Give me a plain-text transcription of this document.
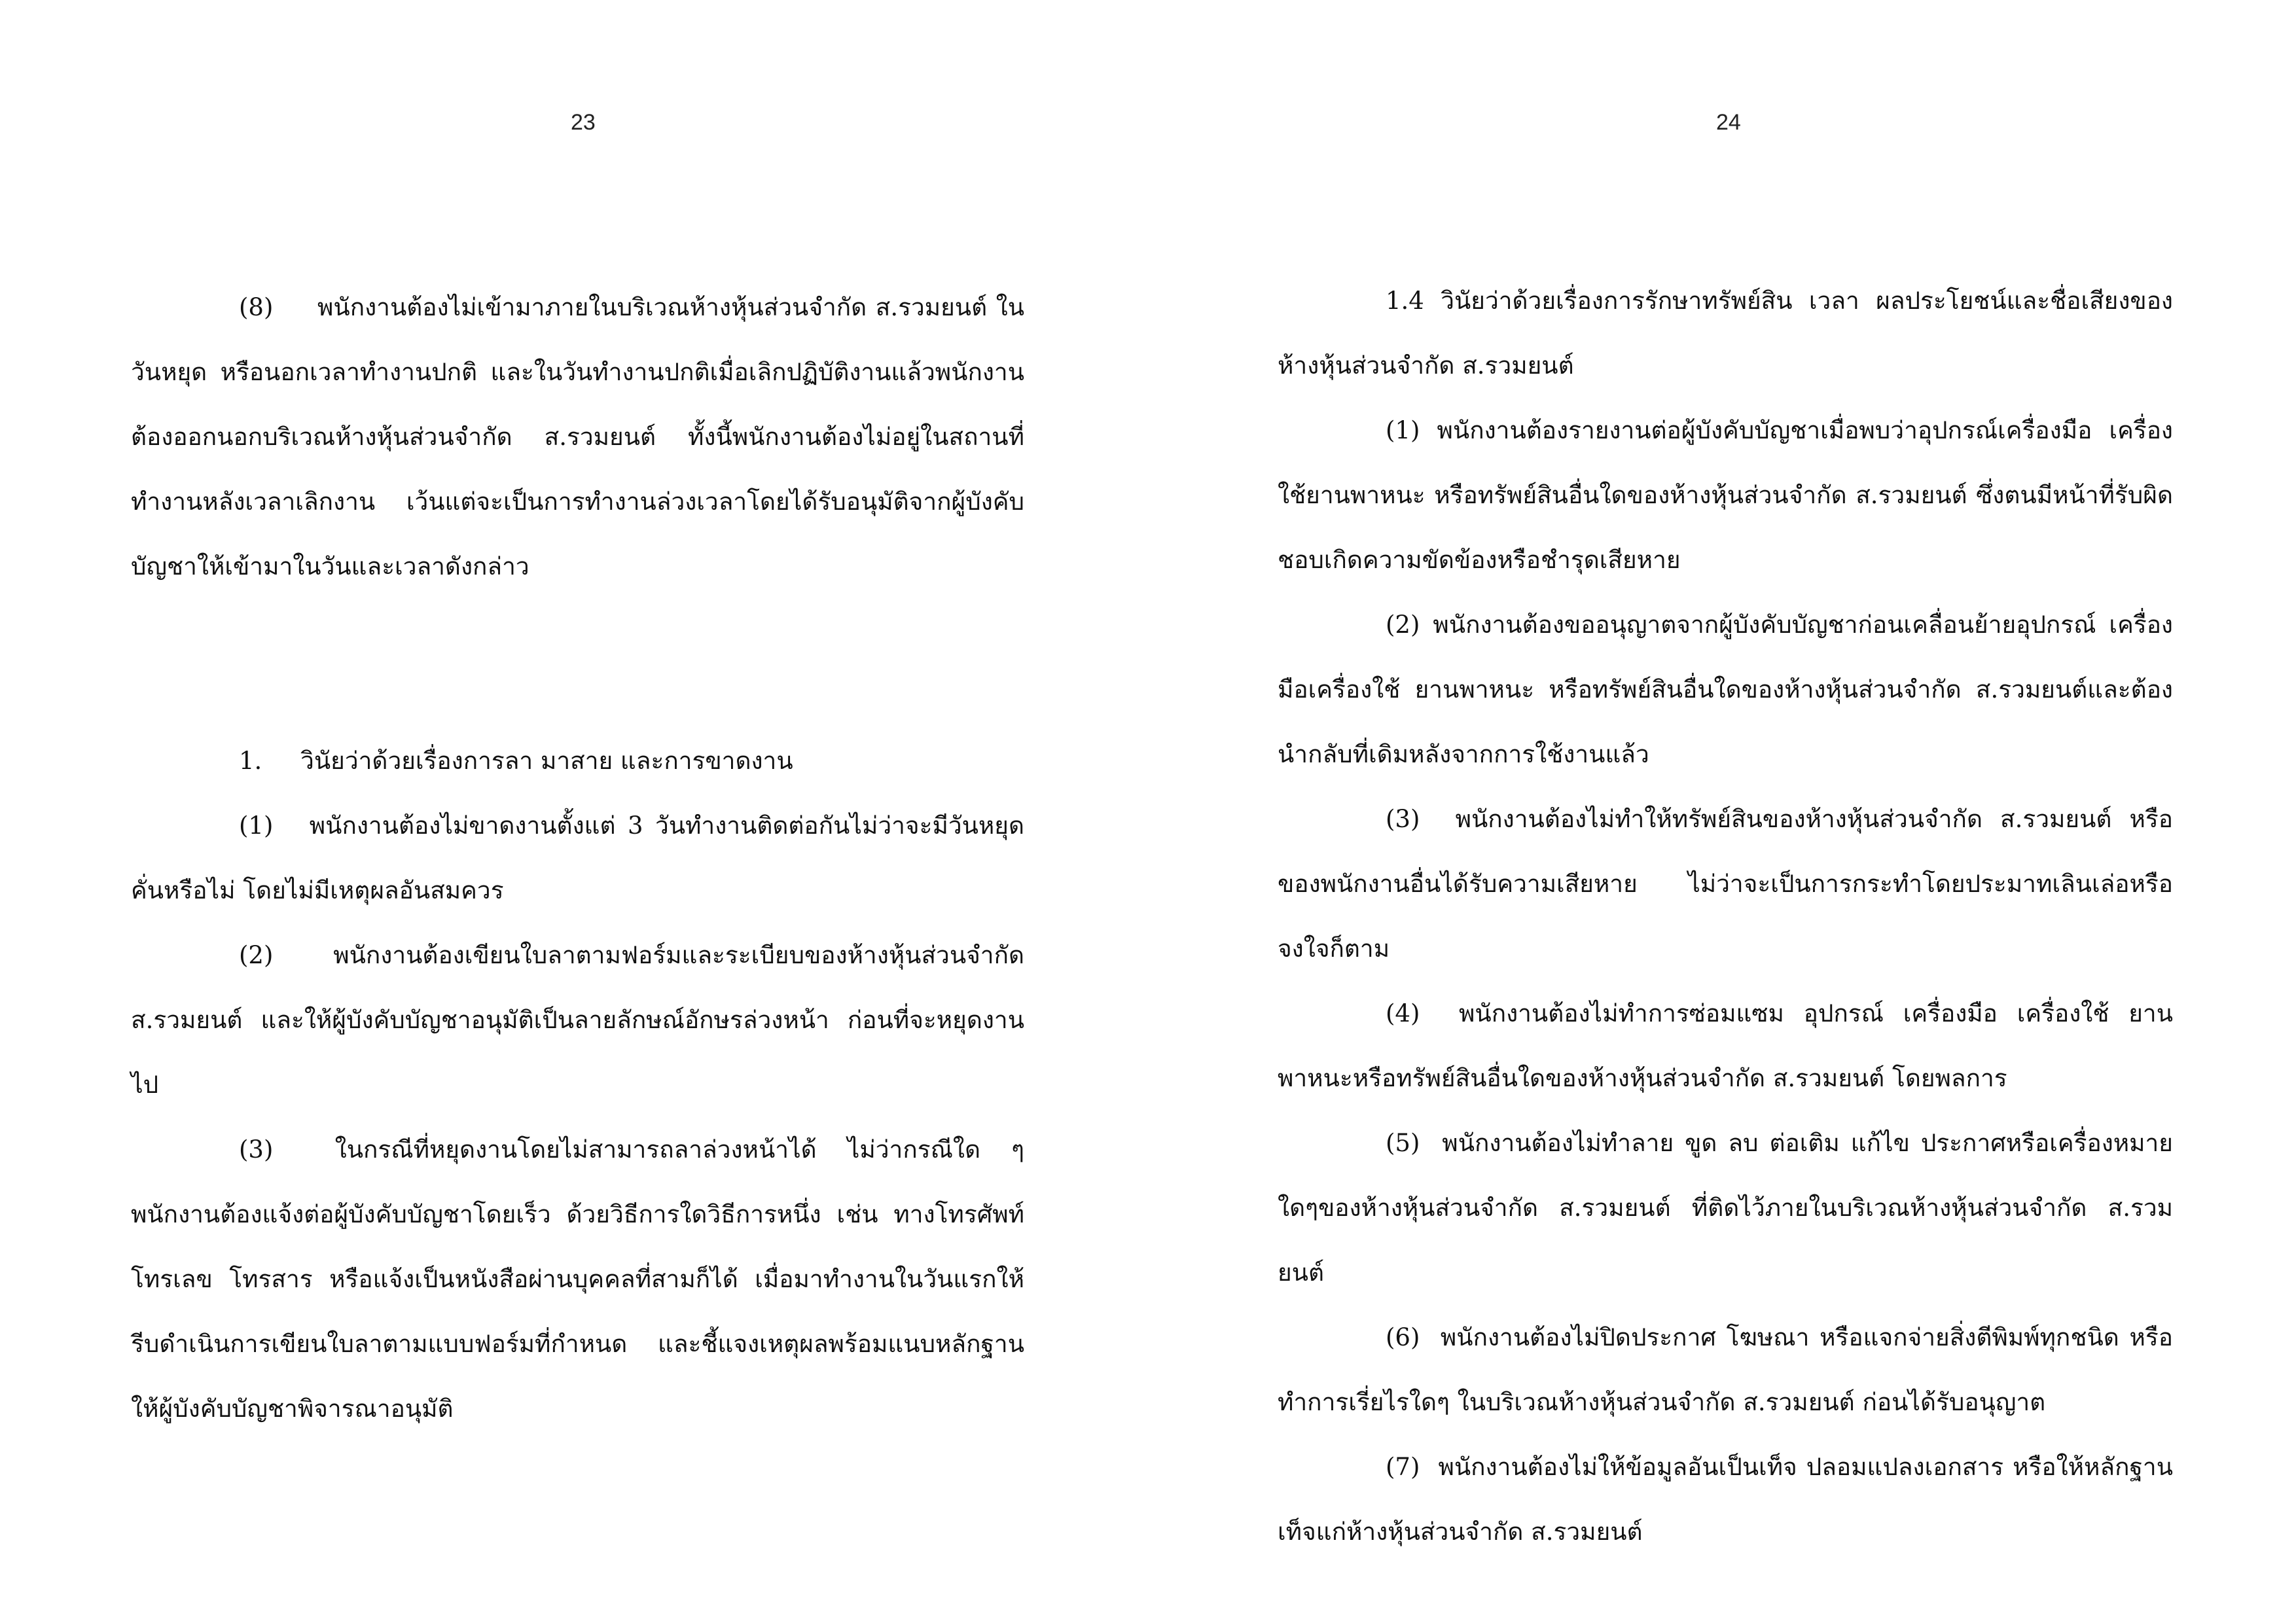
23

(8)     พนักงานต้องไม่เข้ามาภายในบริเวณห้างหุ้นส่วนจำกัด ส.รวมยนต์ ในวันหยุด หรือนอกเวลาทำงานปกติ และในวันทำงานปกติเมื่อเลิกปฏิบัติงานแล้วพนักงานต้องออกนอกบริเวณห้างหุ้นส่วนจำกัด ส.รวมยนต์ ทั้งนี้พนักงานต้องไม่อยู่ในสถานที่ทำงานหลังเวลาเลิกงาน เว้นแต่จะเป็นการทำงานล่วงเวลาโดยได้รับอนุมัติจากผู้บังคับบัญชาให้เข้ามาในวันและเวลาดังกล่าว

1.     วินัยว่าด้วยเรื่องการลา มาสาย และการขาดงาน

(1)   พนักงานต้องไม่ขาดงานตั้งแต่ 3 วันทำงานติดต่อกันไม่ว่าจะมีวันหยุดคั่นหรือไม่ โดยไม่มีเหตุผลอันสมควร

(2)   พนักงานต้องเขียนใบลาตามฟอร์มและระเบียบของห้างหุ้นส่วนจำกัด ส.รวมยนต์ และให้ผู้บังคับบัญชาอนุมัติเป็นลายลักษณ์อักษรล่วงหน้า ก่อนที่จะหยุดงานไป

(3)  ในกรณีที่หยุดงานโดยไม่สามารถลาล่วงหน้าได้ ไม่ว่ากรณีใด ๆ พนักงานต้องแจ้งต่อผู้บังคับบัญชาโดยเร็ว ด้วยวิธีการใดวิธีการหนึ่ง เช่น ทางโทรศัพท์ โทรเลข โทรสาร หรือแจ้งเป็นหนังสือผ่านบุคคลที่สามก็ได้ เมื่อมาทำงานในวันแรกให้รีบดำเนินการเขียนใบลาตามแบบฟอร์มที่กำหนด และชี้แจงเหตุผลพร้อมแนบหลักฐานให้ผู้บังคับบัญชาพิจารณาอนุมัติ

24

1.4 วินัยว่าด้วยเรื่องการรักษาทรัพย์สิน เวลา ผลประโยชน์และชื่อเสียงของห้างหุ้นส่วนจำกัด ส.รวมยนต์

(1) พนักงานต้องรายงานต่อผู้บังคับบัญชาเมื่อพบว่าอุปกรณ์เครื่องมือ เครื่องใช้ยานพาหนะ หรือทรัพย์สินอื่นใดของห้างหุ้นส่วนจำกัด ส.รวมยนต์ ซึ่งตนมีหน้าที่รับผิดชอบเกิดความขัดข้องหรือชำรุดเสียหาย

(2) พนักงานต้องขออนุญาตจากผู้บังคับบัญชาก่อนเคลื่อนย้ายอุปกรณ์ เครื่องมือเครื่องใช้ ยานพาหนะ หรือทรัพย์สินอื่นใดของห้างหุ้นส่วนจำกัด ส.รวมยนต์และต้องนำกลับที่เดิมหลังจากการใช้งานแล้ว

(3)  พนักงานต้องไม่ทำให้ทรัพย์สินของห้างหุ้นส่วนจำกัด ส.รวมยนต์ หรือของพนักงานอื่นได้รับความเสียหาย ไม่ว่าจะเป็นการกระทำโดยประมาทเลินเล่อหรือจงใจก็ตาม

(4)  พนักงานต้องไม่ทำการซ่อมแซม อุปกรณ์ เครื่องมือ เครื่องใช้ ยานพาหนะหรือทรัพย์สินอื่นใดของห้างหุ้นส่วนจำกัด ส.รวมยนต์ โดยพลการ

(5)  พนักงานต้องไม่ทำลาย ขูด ลบ ต่อเติม แก้ไข ประกาศหรือเครื่องหมายใดๆของห้างหุ้นส่วนจำกัด ส.รวมยนต์ ที่ติดไว้ภายในบริเวณห้างหุ้นส่วนจำกัด ส.รวมยนต์

(6)  พนักงานต้องไม่ปิดประกาศ โฆษณา หรือแจกจ่ายสิ่งตีพิมพ์ทุกชนิด หรือทำการเรี่ยไรใดๆ ในบริเวณห้างหุ้นส่วนจำกัด ส.รวมยนต์ ก่อนได้รับอนุญาต

(7)  พนักงานต้องไม่ให้ข้อมูลอันเป็นเท็จ ปลอมแปลงเอกสาร หรือให้หลักฐานเท็จแก่ห้างหุ้นส่วนจำกัด ส.รวมยนต์
